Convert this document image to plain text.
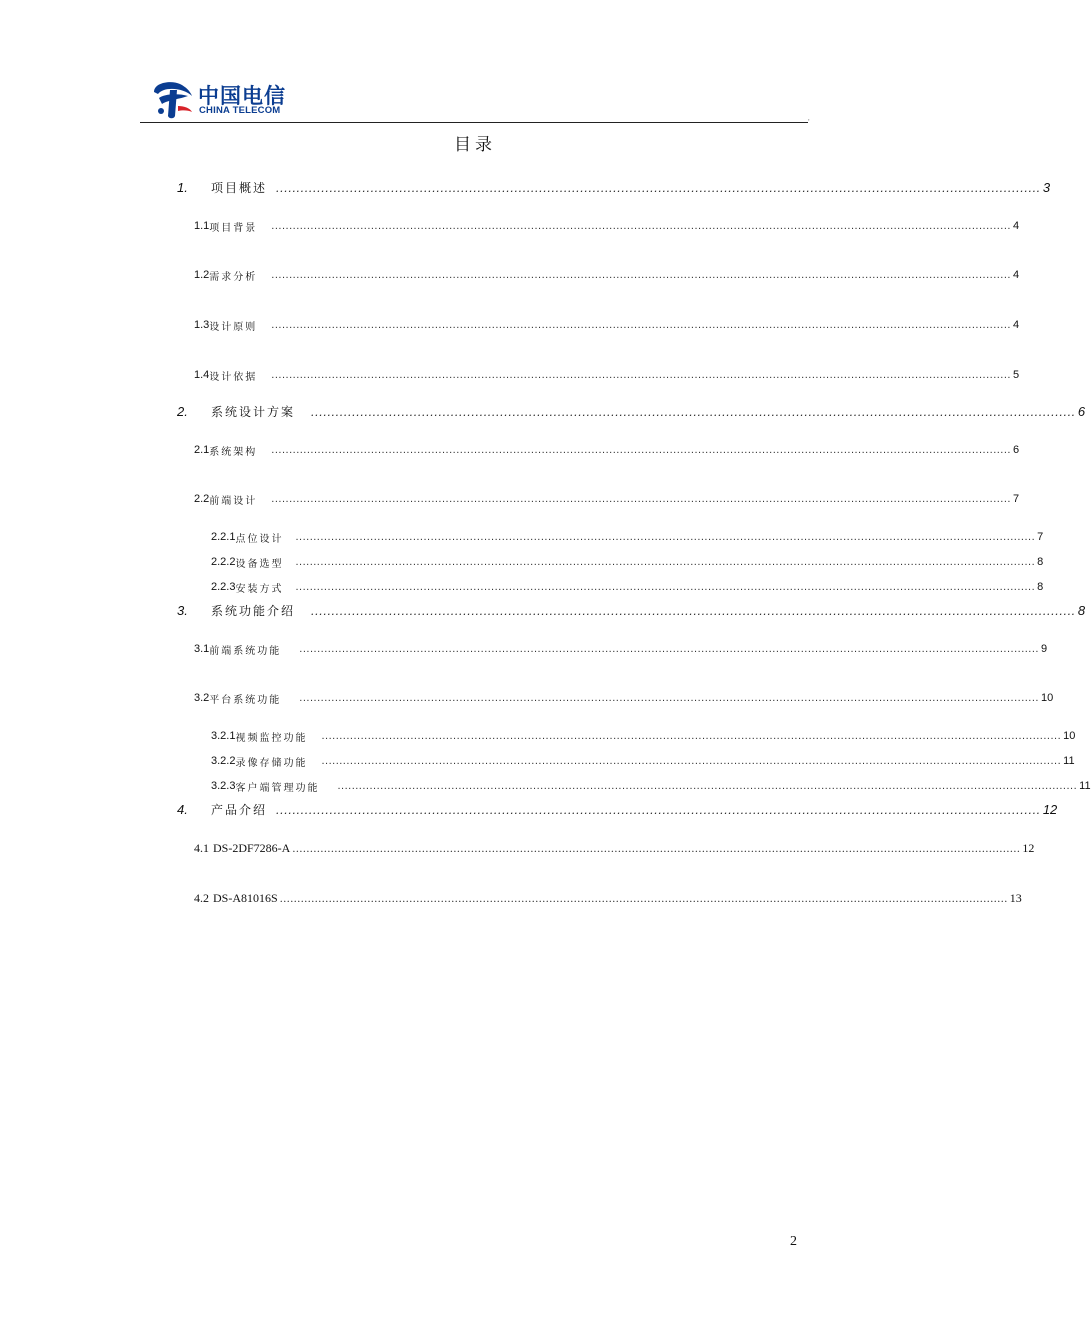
中国电信
CHINA TELECOM
,
目录
1.	项目概述 .......................................................................................................................................................................................... 3
1.1 项目背景	................................................................................................................................................................................................................ 4
1.2 需求分析	................................................................................................................................................................................................................ 4
1.3 设计原则	................................................................................................................................................................................................................ 4
1.4 设计依据	................................................................................................................................................................................................................ 5
2.	系统设计方案	.......................................................................................................................................................................................... 6
2.1 系统架构	................................................................................................................................................................................................................ 6
2.2 前端设计	................................................................................................................................................................................................................ 7
2.2.1 点位设计	................................................................................................................................................................................................................ 7
2.2.2 设备选型	................................................................................................................................................................................................................ 8
2.2.3 安装方式	................................................................................................................................................................................................................ 8
3.	系统功能介绍	.......................................................................................................................................................................................... 8
3.1 前端系统功能	................................................................................................................................................................................................................ 9
3.2 平台系统功能	................................................................................................................................................................................................................ 10
3.2.1 视频监控功能	................................................................................................................................................................................................................ 10
3.2.2 录像存储功能	................................................................................................................................................................................................................ 11
3.2.3 客户端管理功能	................................................................................................................................................................................................................ 11
4.	产品介绍 .......................................................................................................................................................................................... 12
4.1 DS-2DF7286-A ................................................................................................................................................................................................................ 12
4.2 DS-A81016S ................................................................................................................................................................................................................ 13
2
